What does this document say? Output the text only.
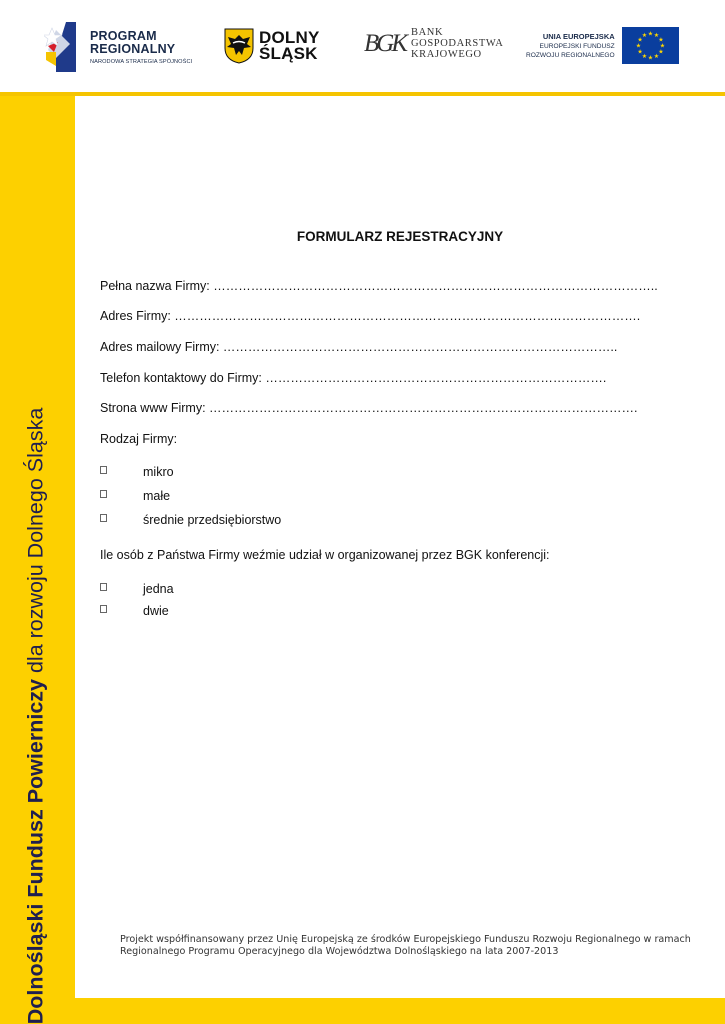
PROGRAM
REGIONALNY
NARODOWA STRATEGIA SPÓJNOŚCI
DOLNY
ŚLĄSK BGK BANK
GOSPODARSTWA
KRAJOWEGO
UNIA EUROPEJSKA
EUROPEJSKI FUNDUSZ
ROZWOJU REGIONALNEGO
★
★
★
★
★
★
★
★
★ ★ ★
★
Dolnośląski Fundusz Powierniczy dla rozwoju Dolnego Śląska
FORMULARZ REJESTRACYJNY
Pełna nazwa Firmy: ……………………………………………………………………………………………..
Adres Firmy: ………………………………………………………………………………………………….
Adres mailowy Firmy: …………………………………………………………………………………..
Telefon kontaktowy do Firmy: ……………………………………………………………………….
Strona www Firmy: ………………………………………………………………………………………….
Rodzaj Firmy:
mikro
małe
średnie przedsiębiorstwo
Ile osób z Państwa Firmy weźmie udział w organizowanej przez BGK konferencji:
jedna
dwie
Projekt współfinansowany przez Unię Europejską ze środków Europejskiego Funduszu Rozwoju Regionalnego w ramach
Regionalnego Programu Operacyjnego dla Województwa Dolnośląskiego na lata 2007-2013
